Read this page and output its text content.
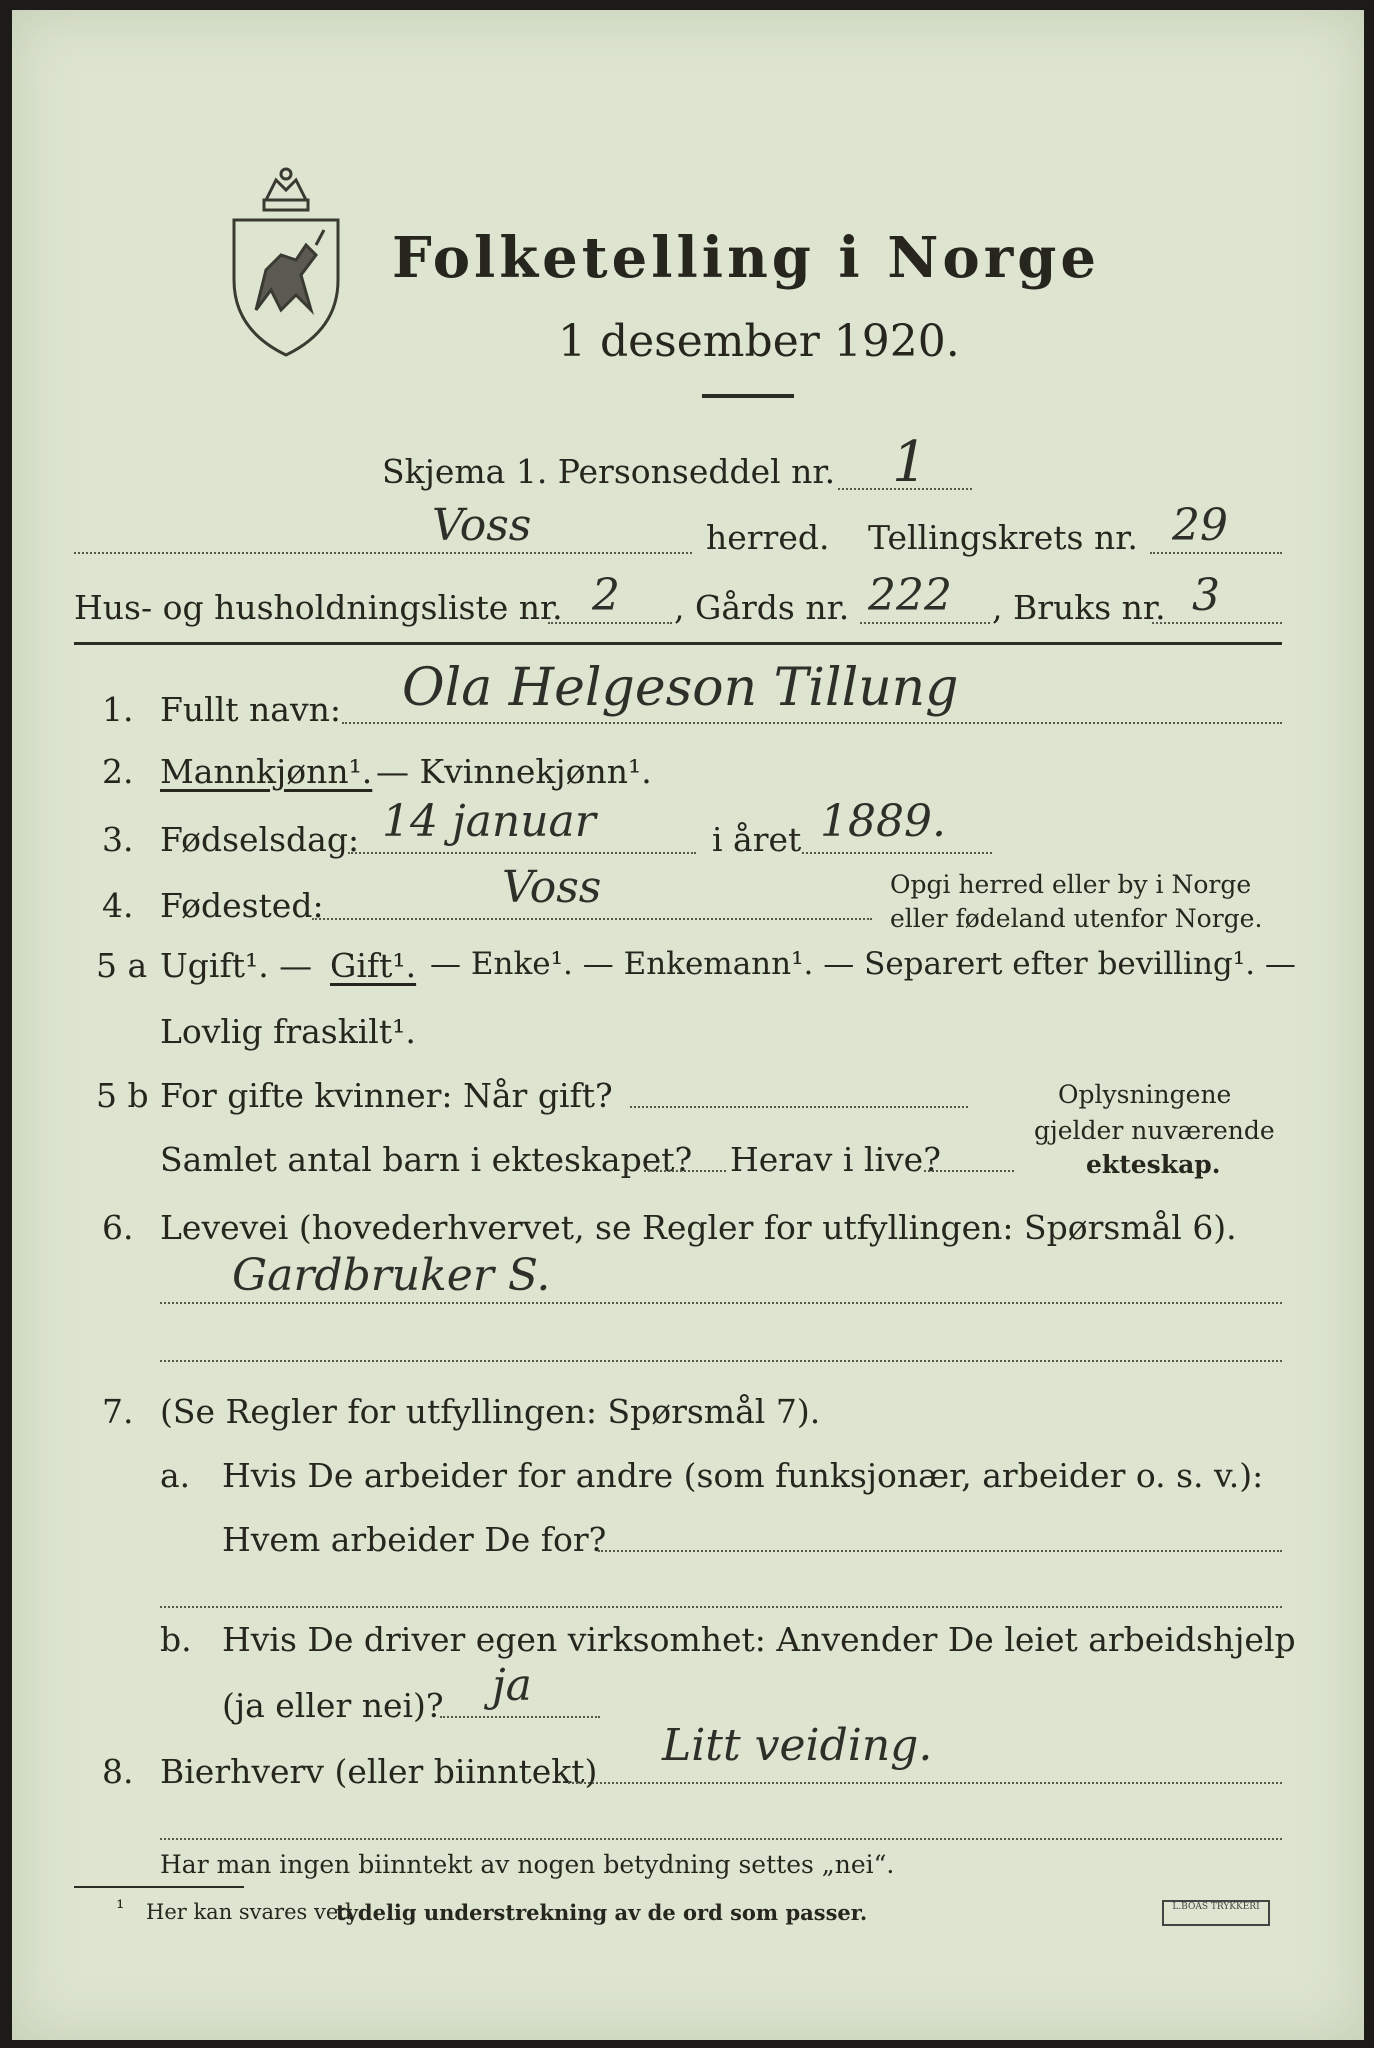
Folketelling i Norge
1 desember 1920.
Skjema 1. Personseddel nr. 1
Voss	herred. Tellingskrets nr. 29
Hus- og husholdningsliste nr. 2 , Gårds nr. 222 , Bruks nr. 3
1. Fullt navn: Ola Helgeson Tillung
2. Mannkjønn¹. — Kvinnekjønn¹.
3. Fødselsdag: 14 januar	i året 1889.
4. Fødested:	Voss	Opgi herred eller by i Norge
eller fødeland utenfor Norge.
5 a Ugift¹. — Gift¹. — Enke¹. — Enkemann¹. — Separert efter bevilling¹. —
Lovlig fraskilt¹.
5 b For gifte kvinner: Når gift?
Samlet antal barn i ekteskapet? Herav i live?
Oplysningene
gjelder nuværende
ekteskap.
6. Levevei (hovederhvervet, se Regler for utfyllingen: Spørsmål 6).
Gardbruker S.
7. (Se Regler for utfyllingen: Spørsmål 7).
a. Hvis De arbeider for andre (som funksjonær, arbeider o. s. v.):
Hvem arbeider De for?
b. Hvis De driver egen virksomhet: Anvender De leiet arbeidshjelp
(ja eller nei)? ja
8. Bierhverv (eller biinntekt)
Litt veiding.
Har man ingen biinntekt av nogen betydning settes „nei“.
¹ Her kan svares ved
tydelig understrekning av de ord som passer.	L.BOAS TRYKKERI
